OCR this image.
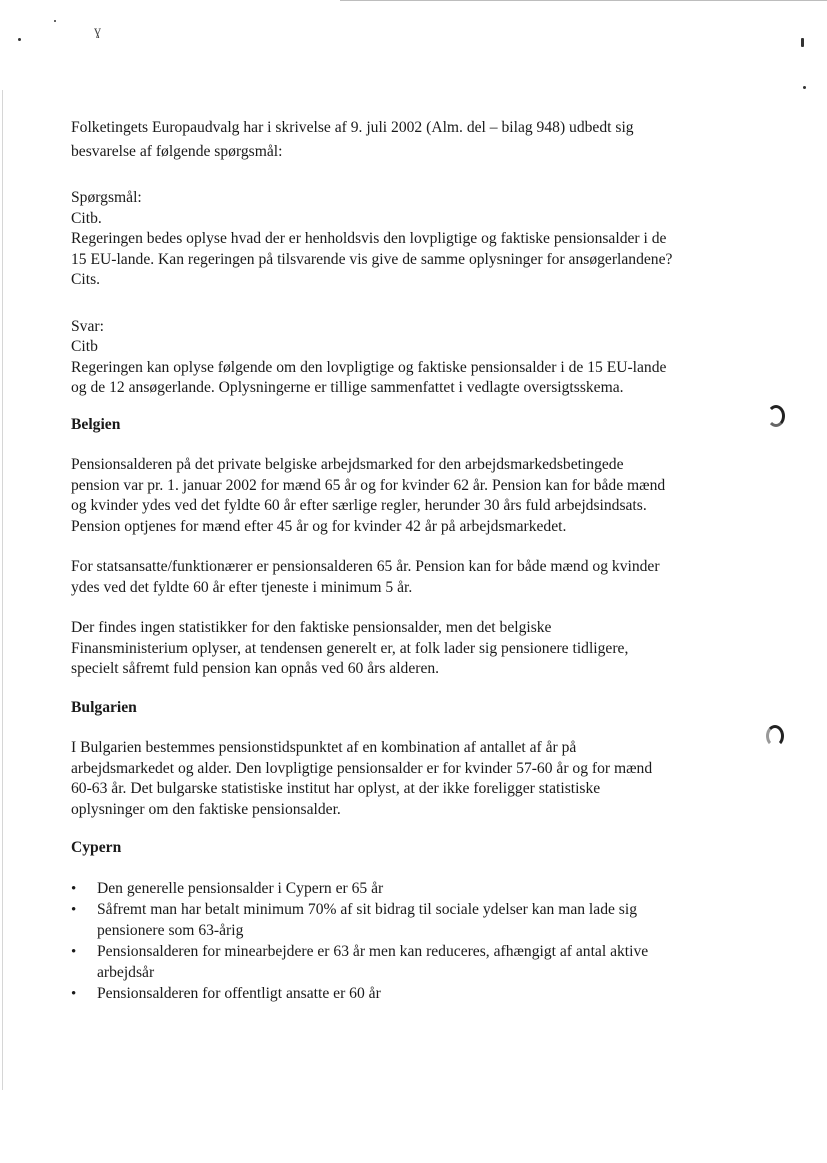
ɣ

Folketingets Europaudvalg har i skrivelse af 9. juli 2002 (Alm. del – bilag 948) udbedt sig

besvarelse af følgende spørgsmål:

Spørgsmål:

Citb.

Regeringen bedes oplyse hvad der er henholdsvis den lovpligtige og faktiske pensionsalder i de

15 EU-lande. Kan regeringen på tilsvarende vis give de samme oplysninger for ansøgerlandene?

Cits.

Svar:

Citb

Regeringen kan oplyse følgende om den lovpligtige og faktiske pensionsalder i de 15 EU-lande

og de 12 ansøgerlande. Oplysningerne er tillige sammenfattet i vedlagte oversigtsskema.

Belgien

Pensionsalderen på det private belgiske arbejdsmarked for den arbejdsmarkedsbetingede

pension var pr. 1. januar 2002 for mænd 65 år og for kvinder 62 år. Pension kan for både mænd

og kvinder ydes ved det fyldte 60 år efter særlige regler, herunder 30 års fuld arbejdsindsats.

Pension optjenes for mænd efter 45 år og for kvinder 42 år på arbejdsmarkedet.

For statsansatte/funktionærer er pensionsalderen 65 år. Pension kan for både mænd og kvinder

ydes ved det fyldte 60 år efter tjeneste i minimum 5 år.

Der findes ingen statistikker for den faktiske pensionsalder, men det belgiske

Finansministerium oplyser, at tendensen generelt er, at folk lader sig pensionere tidligere,

specielt såfremt fuld pension kan opnås ved 60 års alderen.

Bulgarien

I Bulgarien bestemmes pensionstidspunktet af en kombination af antallet af år på

arbejdsmarkedet og alder. Den lovpligtige pensionsalder er for kvinder 57-60 år og for mænd

60-63 år. Det bulgarske statistiske institut har oplyst, at der ikke foreligger statistiske

oplysninger om den faktiske pensionsalder.

Cypern

• Den generelle pensionsalder i Cypern er 65 år
• Såfremt man har betalt minimum 70% af sit bidrag til sociale ydelser kan man lade sig
pensionere som 63-årig
• Pensionsalderen for minearbejdere er 63 år men kan reduceres, afhængigt af antal aktive
arbejdsår
• Pensionsalderen for offentligt ansatte er 60 år
